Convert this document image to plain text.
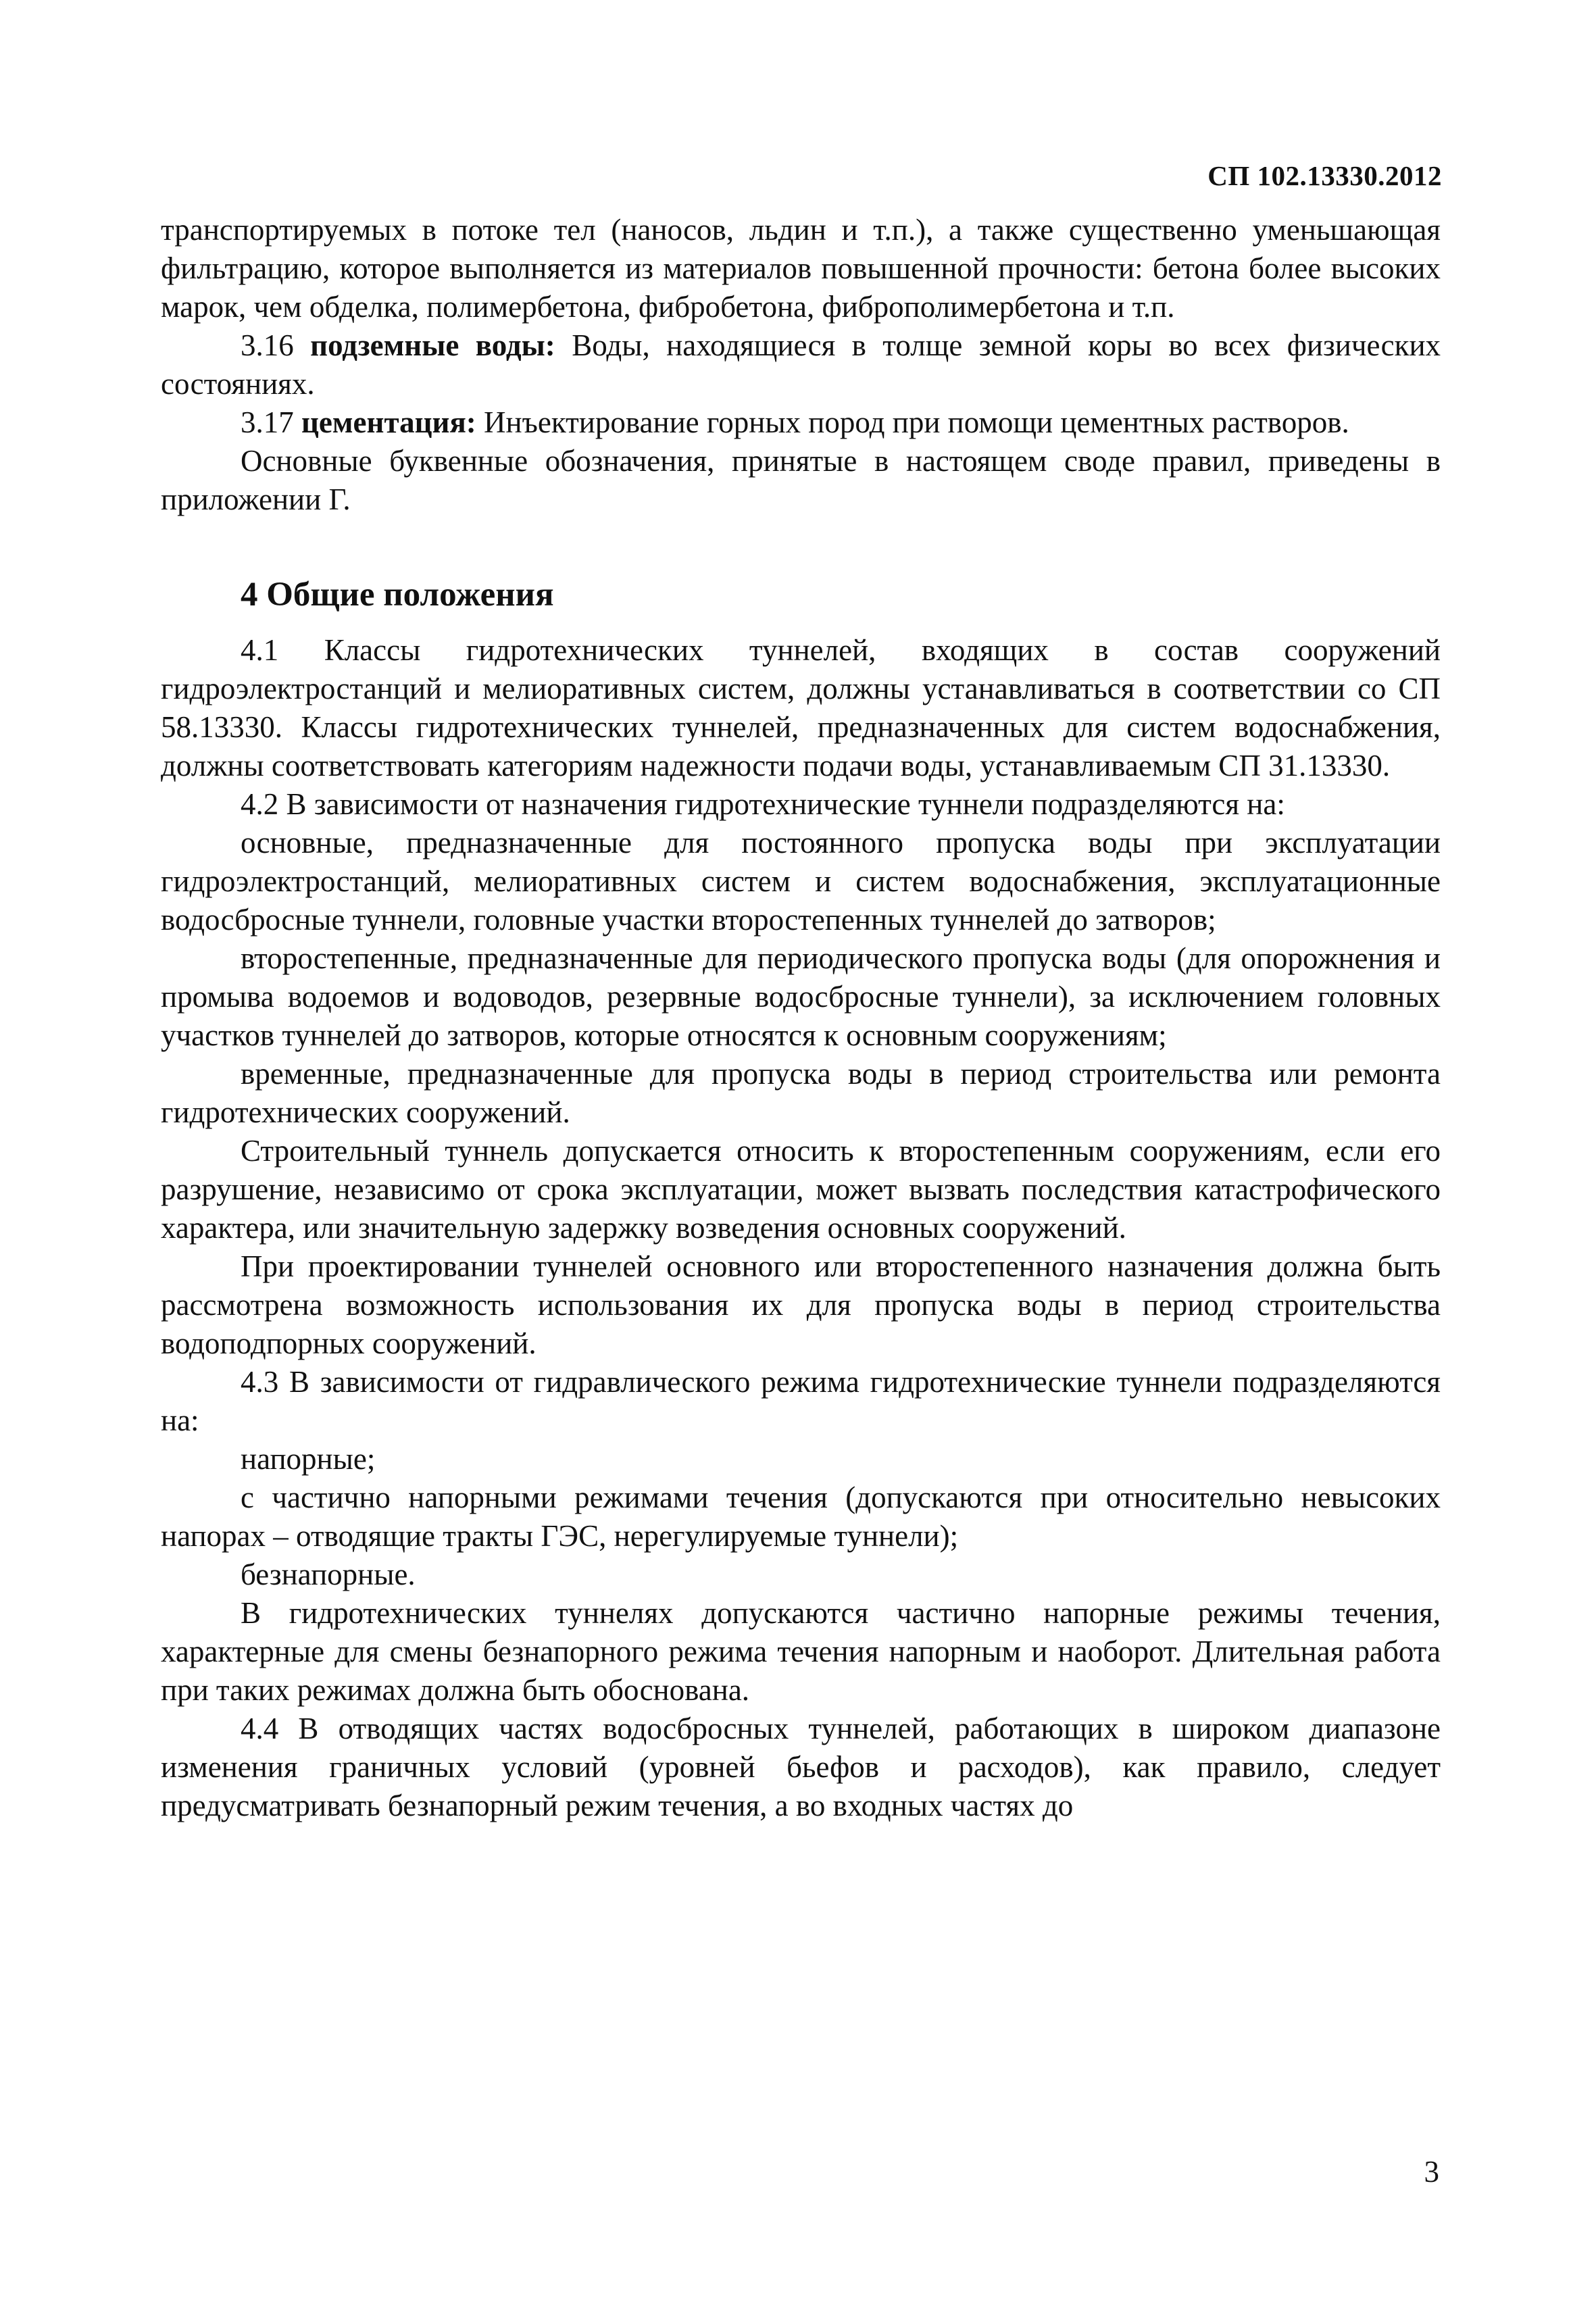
СП 102.13330.2012

транспортируемых в потоке тел (наносов, льдин и т.п.), а также существенно уменьшающая фильтрацию, которое выполняется из материалов повышенной прочности: бетона более высоких марок, чем обделка, полимербетона, фибробетона, фиброполимербетона и т.п.

3.16 подземные воды: Воды, находящиеся в толще земной коры во всех физических состояниях.

3.17 цементация: Инъектирование горных пород при помощи цементных растворов.

Основные буквенные обозначения, принятые в настоящем своде правил, приведены в приложении Г.

4 Общие положения

4.1 Классы гидротехнических туннелей, входящих в состав сооружений гидроэлектростанций и мелиоративных систем, должны устанавливаться в соответствии со СП 58.13330. Классы гидротехнических туннелей, предназначенных для систем водоснабжения, должны соответствовать категориям надежности подачи воды, устанавливаемым СП 31.13330.

4.2 В зависимости от назначения гидротехнические туннели подразделяются на:

основные, предназначенные для постоянного пропуска воды при эксплуатации гидроэлектростанций, мелиоративных систем и систем водоснабжения, эксплуатационные водосбросные туннели, головные участки второстепенных туннелей до затворов;

второстепенные, предназначенные для периодического пропуска воды (для опорожнения и промыва водоемов и водоводов, резервные водосбросные туннели), за исключением головных участков туннелей до затворов, которые относятся к основным сооружениям;

временные, предназначенные для пропуска воды в период строительства или ремонта гидротехнических сооружений.

Строительный туннель допускается относить к второстепенным сооружениям, если его разрушение, независимо от срока эксплуатации, может вызвать последствия катастрофического характера, или значительную задержку возведения основных сооружений.

При проектировании туннелей основного или второстепенного назначения должна быть рассмотрена возможность использования их для пропуска воды в период строительства водоподпорных сооружений.

4.3 В зависимости от гидравлического режима гидротехнические туннели подразделяются на:

напорные;

с частично напорными режимами течения (допускаются при относительно невысоких напорах – отводящие тракты ГЭС, нерегулируемые туннели);

безнапорные.

В гидротехнических туннелях допускаются частично напорные режимы течения, характерные для смены безнапорного режима течения напорным и наоборот. Длительная работа при таких режимах должна быть обоснована.

4.4 В отводящих частях водосбросных туннелей, работающих в широком диапазоне изменения граничных условий (уровней бьефов и расходов), как правило, следует предусматривать безнапорный режим течения, а во входных частях до

3
